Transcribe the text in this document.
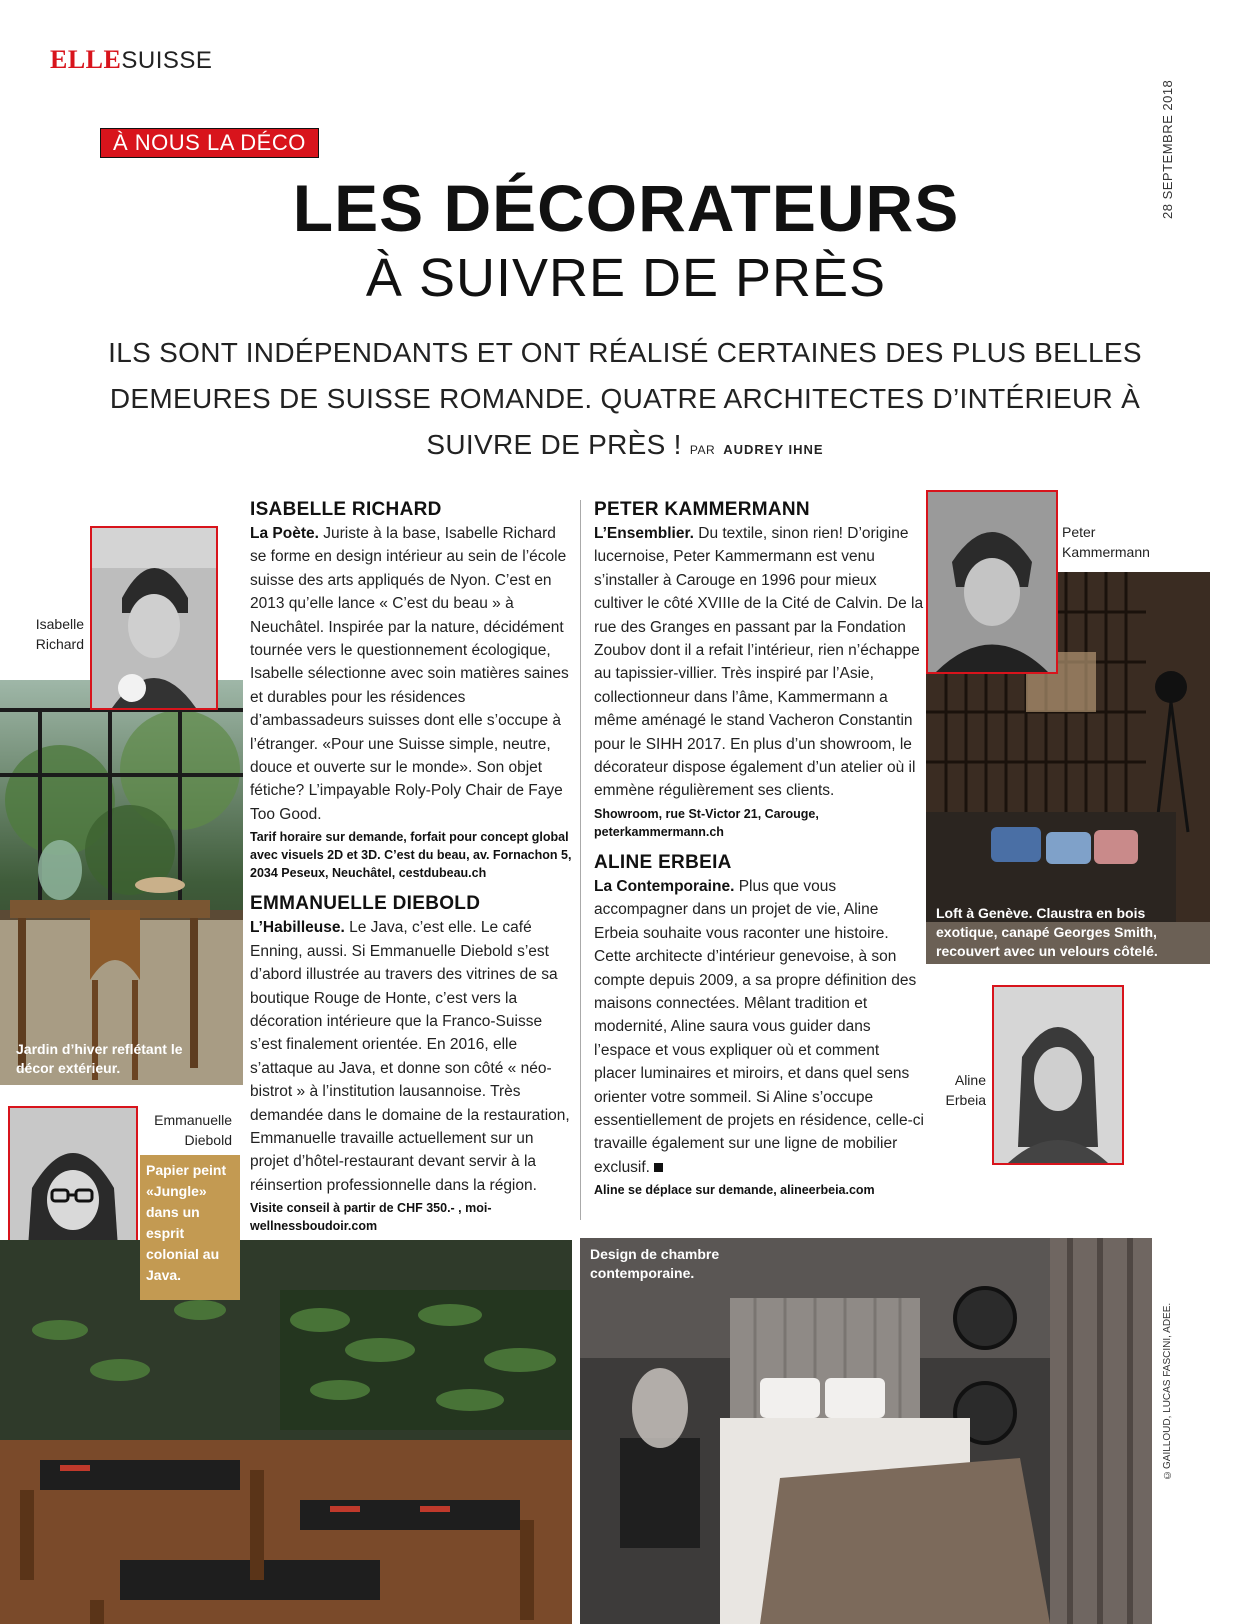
ELLESUISSE
28 SEPTEMBRE 2018
À NOUS LA DÉCO
LES DÉCORATEURS
À SUIVRE DE PRÈS
ILS SONT INDÉPENDANTS ET ONT RÉALISÉ CERTAINES DES PLUS BELLES DEMEURES DE SUISSE ROMANDE. QUATRE ARCHITECTES D’INTÉRIEUR À SUIVRE DE PRÈS ! PAR AUDREY IHNE
Jardin d’hiver reflétant le décor extérieur.
Isabelle Richard
Emmanuelle Diebold
Papier peint «Jungle» dans un esprit colonial au Java.
ISABELLE RICHARD

La Poète. Juriste à la base, Isabelle Richard se forme en design intérieur au sein de l’école suisse des arts appliqués de Nyon. C’est en 2013 qu’elle lance « C’est du beau » à Neuchâtel. Inspirée par la nature, décidément tournée vers le questionnement écologique, Isabelle sélectionne avec soin matières saines et durables pour les résidences d’ambassadeurs suisses dont elle s’occupe à l’étranger. «Pour une Suisse simple, neutre, douce et ouverte sur le monde». Son objet fétiche? L’impayable Roly-Poly Chair de Faye Too Good.

Tarif horaire sur demande, forfait pour concept global avec visuels 2D et 3D. C’est du beau, av. Fornachon 5, 2034 Peseux, Neuchâtel, cestdubeau.ch

EMMANUELLE DIEBOLD

L’Habilleuse. Le Java, c’est elle. Le café Enning, aussi. Si Emmanuelle Diebold s’est d’abord illustrée au travers des vitrines de sa boutique Rouge de Honte, c’est vers la décoration intérieure que la Franco-Suisse s’est finalement orientée. En 2016, elle s’attaque au Java, et donne son côté « néo-bistrot » à l’institution lausannoise. Très demandée dans le domaine de la restauration, Emmanuelle travaille actuellement sur un projet d’hôtel-restaurant devant servir à la réinsertion professionnelle dans la région.

Visite conseil à partir de CHF 350.- , moi-wellnessboudoir.com

PETER KAMMERMANN

L’Ensemblier. Du textile, sinon rien! D’origine lucernoise, Peter Kammermann est venu s’installer à Carouge en 1996 pour mieux cultiver le côté XVIIIe de la Cité de Calvin. De la rue des Granges en passant par la Fondation Zoubov dont il a refait l’intérieur, rien n’échappe au tapissier-villier. Très inspiré par l’Asie, collectionneur dans l’âme, Kammermann a même aménagé le stand Vacheron Constantin pour le SIHH 2017. En plus d’un showroom, le décorateur dispose également d’un atelier où il emmène régulièrement ses clients.

Showroom, rue St-Victor 21, Carouge, peterkammermann.ch

ALINE ERBEIA

La Contemporaine. Plus que vous accompagner dans un projet de vie, Aline Erbeia souhaite vous raconter une histoire. Cette architecte d’intérieur genevoise, à son compte depuis 2009, a sa propre définition des maisons connectées. Mêlant tradition et modernité, Aline saura vous guider dans l’espace et vous expliquer où et comment placer luminaires et miroirs, et dans quel sens orienter votre sommeil. Si Aline s’occupe essentiellement de projets en résidence, celle-ci travaille également sur une ligne de mobilier exclusif.

Aline se déplace sur demande, alineerbeia.com

Loft à Genève. Claustra en bois exotique, canapé Georges Smith, recouvert avec un velours côtelé.
Peter Kammermann
Aline Erbeia
Design de chambre contemporaine.
©GAILLOUD, LUCAS FASCINI, ADEE.
